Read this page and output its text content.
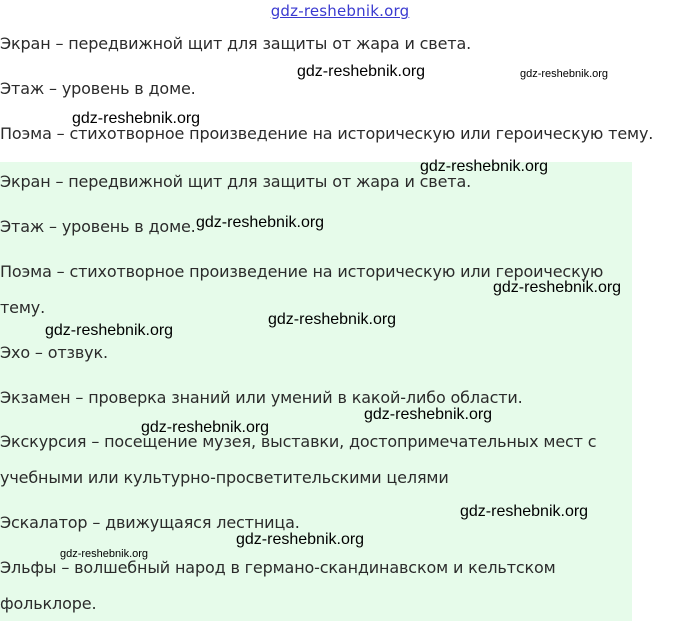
gdz-reshebnik.org
Экран – передвижной щит для защиты от жара и света.
Этаж – уровень в доме.
Поэма – стихотворное произведение на историческую или героическую тему.
Экран – передвижной щит для защиты от жара и света.
Этаж – уровень в доме.
Поэма – стихотворное произведение на историческую или героическую
тему.
Эхо – отзвук.
Экзамен – проверка знаний или умений в какой-либо области.
Экскурсия – посещение музея, выставки, достопримечательных мест с
учебными или культурно-просветительскими целями
Эскалатор – движущаяся лестница.
Эльфы – волшебный народ в германо-скандинавском и кельтском
фольклоре.
gdz-reshebnik.org	gdz-reshebnik.org
gdz-reshebnik.org
gdz-reshebnik.org
gdz-reshebnik.org
gdz-reshebnik.org
gdz-reshebnik.org
gdz-reshebnik.org
gdz-reshebnik.org
gdz-reshebnik.org
gdz-reshebnik.org
gdz-reshebnik.org
gdz-reshebnik.org
